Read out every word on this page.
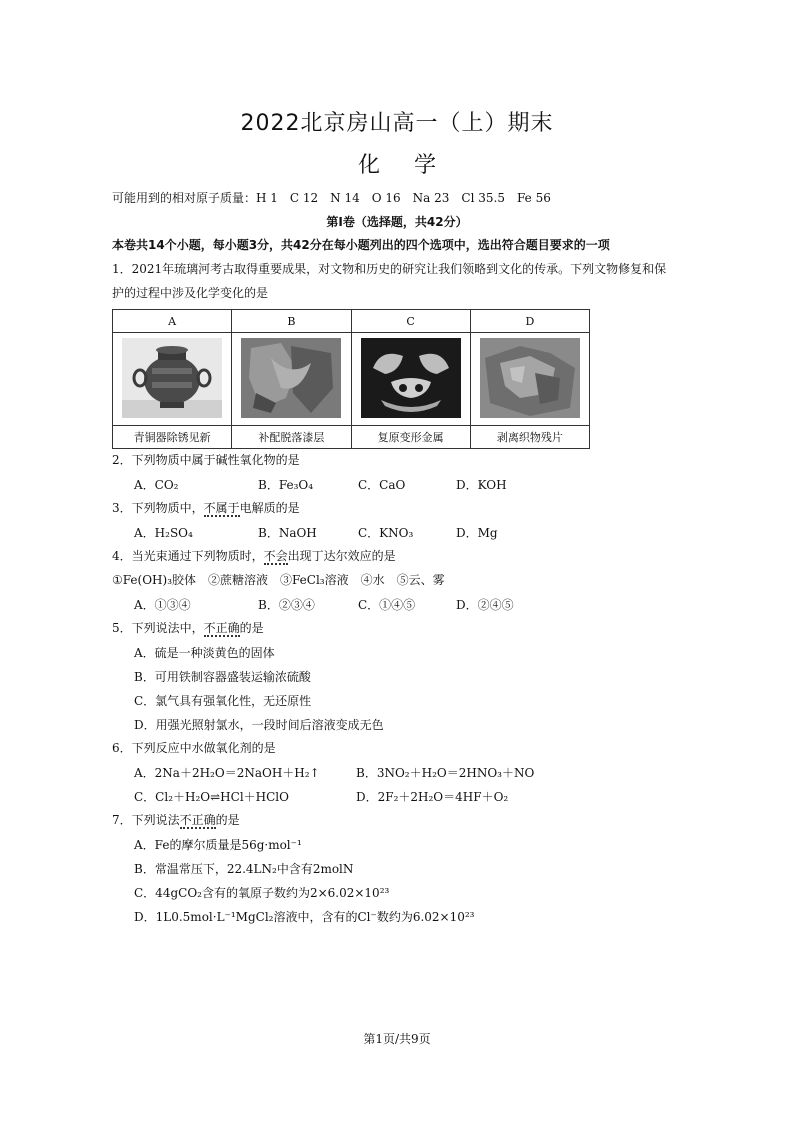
2022北京房山高一（上）期末
化学
可能用到的相对原子质量：H 1　C 12　N 14　O 16　Na 23　Cl 35.5　Fe 56
第Ⅰ卷（选择题，共42分）
本卷共14个小题，每小题3分，共42分在每小题列出的四个选项中，选出符合题目要求的一项
1．2021年琉璃河考古取得重要成果，对文物和历史的研究让我们领略到文化的传承。下列文物修复和保
护的过程中涉及化学变化的是
A	B	C	D

青铜器除锈见新	补配脱落漆层	复原变形金属	剥离织物残片
2．下列物质中属于碱性氧化物的是
A．CO₂	B．Fe₃O₄	C．CaO	D．KOH
3．下列物质中，不属于电解质的是
A．H₂SO₄	B．NaOH	C．KNO₃	D．Mg
4．当光束通过下列物质时，不会出现丁达尔效应的是
①Fe(OH)₃胶体　②蔗糖溶液　③FeCl₃溶液　④水　⑤云、雾
A．①③④	B．②③④	C．①④⑤	D．②④⑤
5．下列说法中，不正确的是
A．硫是一种淡黄色的固体
B．可用铁制容器盛装运输浓硫酸
C．氯气具有强氧化性，无还原性
D．用强光照射氯水，一段时间后溶液变成无色
6．下列反应中水做氧化剂的是
A．2Na＋2H₂O＝2NaOH＋H₂↑	B．3NO₂＋H₂O＝2HNO₃＋NO
C．Cl₂＋H₂O⇌HCl＋HClO	D．2F₂＋2H₂O＝4HF＋O₂
7．下列说法不正确的是
A．Fe的摩尔质量是56g·mol⁻¹
B．常温常压下，22.4LN₂中含有2molN
C．44gCO₂含有的氧原子数约为2×6.02×10²³
D．1L0.5mol·L⁻¹MgCl₂溶液中，含有的Cl⁻数约为6.02×10²³
第1页/共9页
